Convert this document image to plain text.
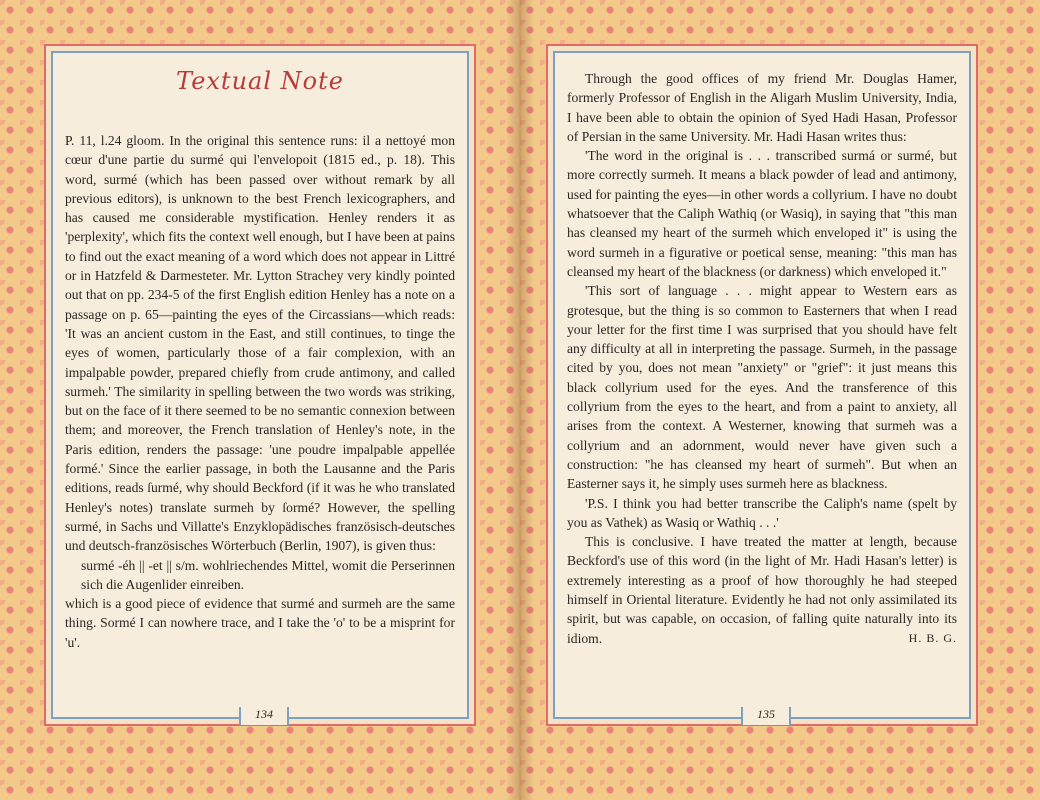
Textual Note

P. 11, l.24 gloom. In the original this sentence runs: il a nettoyé mon cœur d'une partie du surmé qui l'envelopoit (1815 ed., p. 18). This word, surmé (which has been passed over without remark by all previous editors), is unknown to the best French lexicographers, and has caused me considerable mystification. Henley renders it as 'perplexity', which fits the context well enough, but I have been at pains to find out the exact meaning of a word which does not appear in Littré or in Hatzfeld & Darmesteter. Mr. Lytton Strachey very kindly pointed out that on pp. 234-5 of the first English edition Henley has a note on a passage on p. 65—painting the eyes of the Circassians—which reads: 'It was an ancient custom in the East, and still continues, to tinge the eyes of women, particularly those of a fair complexion, with an impalpable powder, prepared chiefly from crude antimony, and called surmeh.' The similarity in spelling between the two words was striking, but on the face of it there seemed to be no semantic connexion between them; and moreover, the French translation of Henley's note, in the Paris edition, renders the passage: 'une poudre impalpable appellée formé.' Since the earlier passage, in both the Lausanne and the Paris editions, reads ſurmé, why should Beckford (if it was he who translated Henley's notes) translate surmeh by ſormé? However, the spelling surmé, in Sachs und Villatte's Enzyklopädisches französisch-deutsches und deutsch-französisches Wörterbuch (Berlin, 1907), is given thus:

surmé -éh || -et || s/m. wohlriechendes Mittel, womit die Perserinnen sich die Augenlider einreiben.

which is a good piece of evidence that surmé and surmeh are the same thing. Sormé I can nowhere trace, and I take the 'o' to be a misprint for 'u'.

134

Through the good offices of my friend Mr. Douglas Hamer, formerly Professor of English in the Aligarh Muslim University, India, I have been able to obtain the opinion of Syed Hadi Hasan, Professor of Persian in the same University. Mr. Hadi Hasan writes thus:

'The word in the original is . . . transcribed surmá or surmé, but more correctly surmeh. It means a black powder of lead and antimony, used for painting the eyes—in other words a collyrium. I have no doubt whatsoever that the Caliph Wathiq (or Wasiq), in saying that "this man has cleansed my heart of the surmeh which enveloped it" is using the word surmeh in a figurative or poetical sense, meaning: "this man has cleansed my heart of the blackness (or darkness) which enveloped it."

'This sort of language . . . might appear to Western ears as grotesque, but the thing is so common to Easterners that when I read your letter for the first time I was surprised that you should have felt any difficulty at all in interpreting the passage. Surmeh, in the passage cited by you, does not mean "anxiety" or "grief": it just means this black collyrium used for the eyes. And the transference of this collyrium from the eyes to the heart, and from a paint to anxiety, all arises from the context. A Westerner, knowing that surmeh was a collyrium and an adornment, would never have given such a construction: "he has cleansed my heart of surmeh". But when an Easterner says it, he simply uses surmeh here as blackness.

'P.S. I think you had better transcribe the Caliph's name (spelt by you as Vathek) as Wasiq or Wathiq . . .'

This is conclusive. I have treated the matter at length, because Beckford's use of this word (in the light of Mr. Hadi Hasan's letter) is extremely interesting as a proof of how thoroughly he had steeped himself in Oriental literature. Evidently he had not only assimilated its spirit, but was capable, on occasion, of falling quite naturally into its idiom.	H. B. G.

135
